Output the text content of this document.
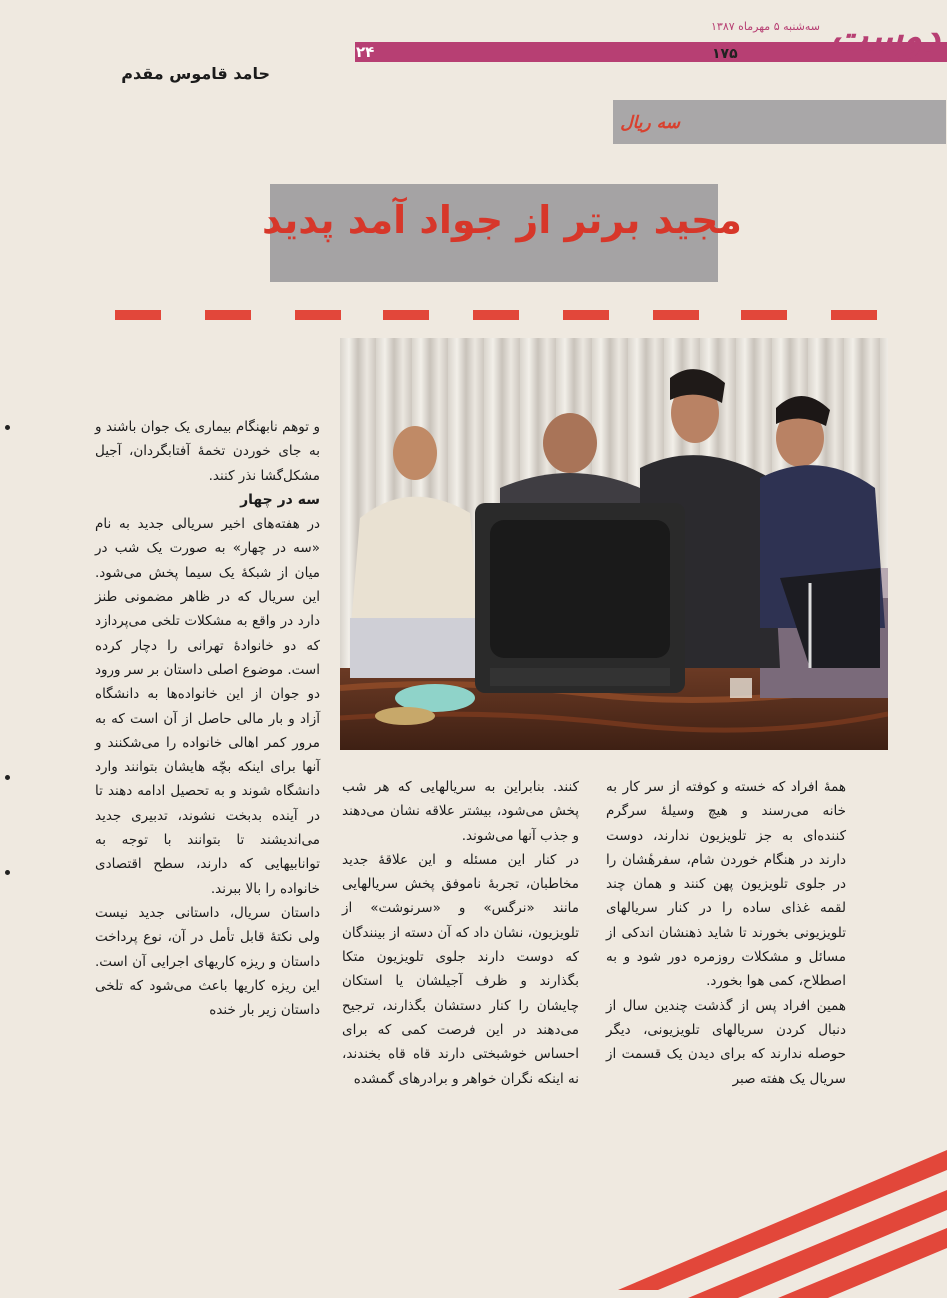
۲۴	۱۷۵
سه‌شنبه ۵ مهرماه ۱۳۸۷ دوست
حامد قاموس مقدم
سه ریال
مجید برتر از جواد آمد پدید

و توهم نابهنگام بیماری یک جوان باشند و به جای خوردن تخمهٔ آفتابگردان، آجیل مشکل‌گشا نذر کنند.

سه در چهار

در هفته‌های اخیر سریالی جدید به نام «سه در چهار» به صورت یک شب در میان از شبکهٔ یک سیما پخش می‌شود. این سریال که در ظاهر مضمونی طنز دارد در واقع به مشکلات تلخی می‌پردازد که دو خانوادهٔ تهرانی را دچار کرده است. موضوع اصلی داستان بر سر ورود دو جوان از این خانواده‌ها به دانشگاه آزاد و بار مالی حاصل از آن است که به مرور کمر اهالی خانواده را می‌شکنند و آنها برای اینکه بچّه هایشان بتوانند وارد دانشگاه شوند و به تحصیل ادامه دهند تا در آینده بدبخت نشوند، تدبیری جدید می‌اندیشند تا بتوانند با توجه به توانابیهایی که دارند، سطح اقتصادی خانواده را بالا ببرند.

داستان سریال، داستانی جدید نیست ولی نکتهٔ قابل تأمل در آن، نوع پرداخت داستان و ریزه کاریهای اجرایی آن است. این ریزه کاریها باعث می‌شود که تلخی داستان زیر بار خنده

کنند. بنابراین به سریالهایی که هر شب پخش می‌شود، بیشتر علاقه نشان می‌دهند و جذب آنها می‌شوند.

در کنار این مسئله و این علاقهٔ جدید مخاطبان، تجربهٔ ناموفق پخش سریالهایی مانند «نرگس» و «سرنوشت» از تلویزیون، نشان داد که آن دسته از بینندگان که دوست دارند جلوی تلویزیون متکا بگذارند و ظرف آجیلشان یا استکان چایشان را کنار دستشان بگذارند، ترجیح می‌دهند در این فرصت کمی که برای احساس خوشبختی دارند قاه قاه بخندند، نه اینکه نگران خواهر و برادرهای گمشده

همهٔ افراد که خسته و کوفته از سر کار به خانه می‌رسند و هیچ وسیلهٔ سرگرم کننده‌ای به جز تلویزیون ندارند، دوست دارند در هنگام خوردن شام، سفرهٔشان را در جلوی تلویزیون پهن کنند و همان چند لقمه غذای ساده را در کنار سریالهای تلویزیونی بخورند تا شاید ذهنشان اندکی از مسائل و مشکلات روزمره دور شود و به اصطلاح، کمی هوا بخورد.

همین افراد پس از گذشت چندین سال از دنبال کردن سریالهای تلویزیونی، دیگر حوصله ندارند که برای دیدن یک قسمت از سریال یک هفته صبر
